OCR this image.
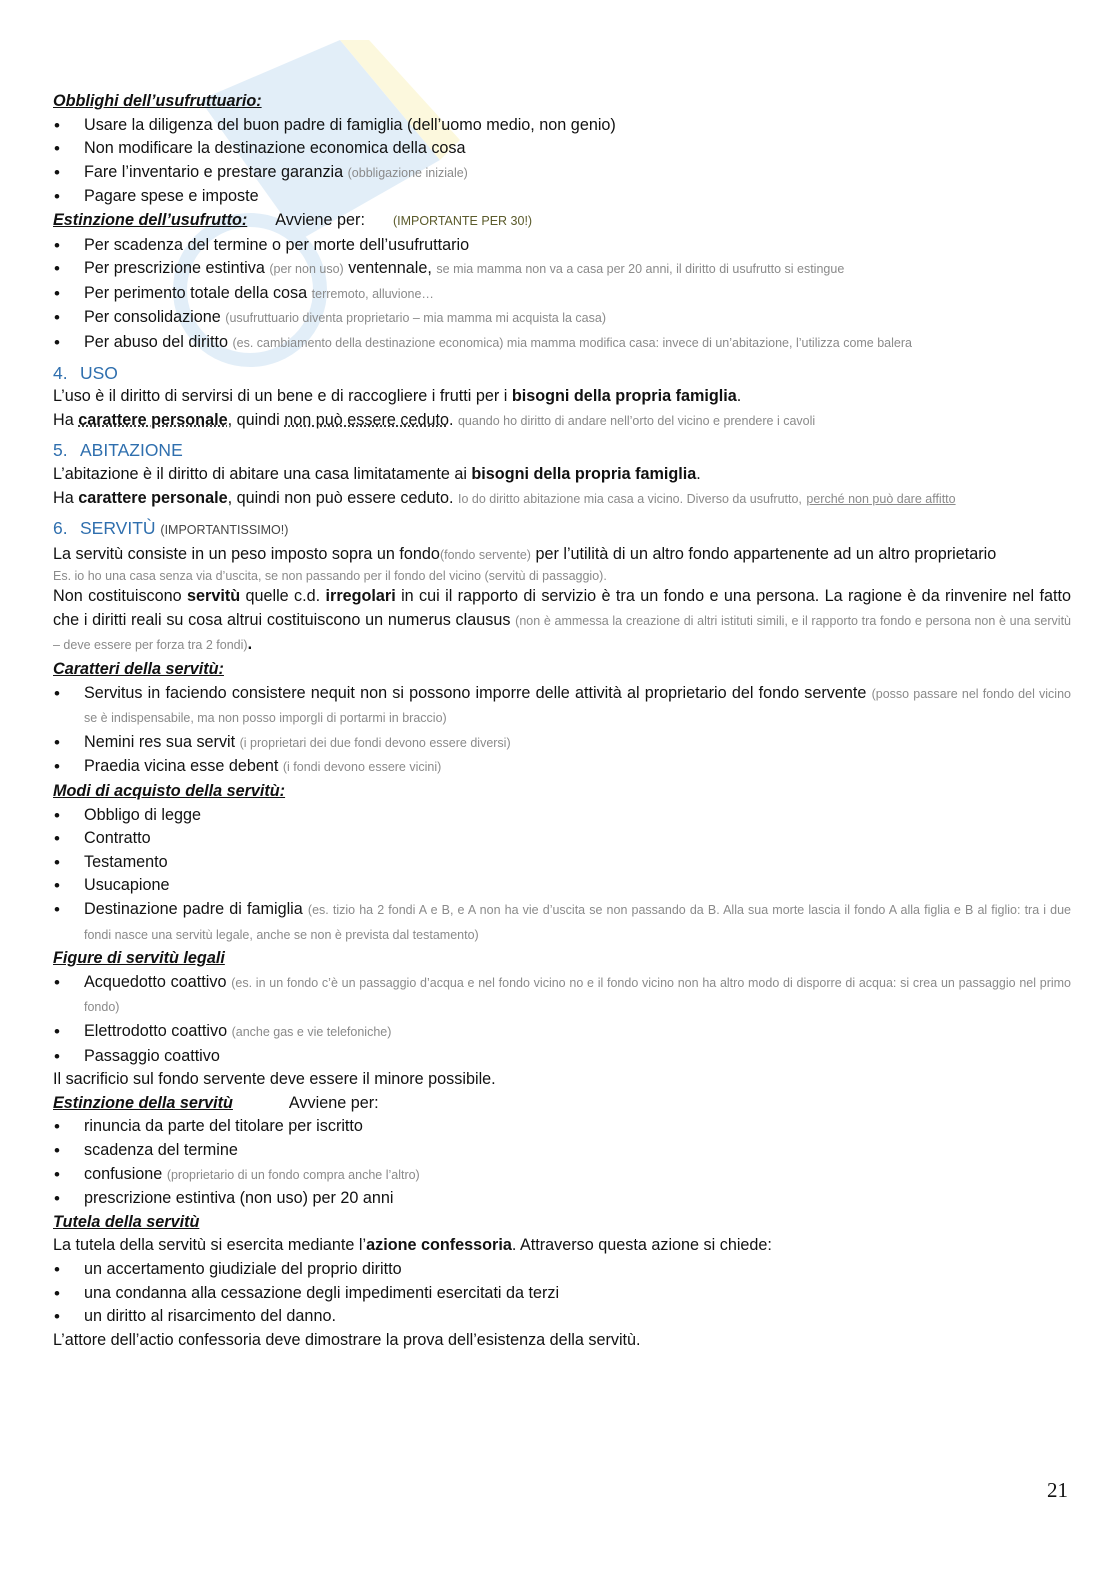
Obblighi dell’usufruttuario:
• Usare la diligenza del buon padre di famiglia (dell’uomo medio, non genio)
• Non modificare la destinazione economica della cosa
• Fare l’inventario e prestare garanzia (obbligazione iniziale)
• Pagare spese e imposte
Estinzione dell’usufrutto: Avviene per: (IMPORTANTE PER 30!)
• Per scadenza del termine o per morte dell’usufruttario
• Per prescrizione estintiva (per non uso) ventennale, se mia mamma non va a casa per 20 anni, il diritto di usufrutto si estingue
• Per perimento totale della cosa terremoto, alluvione…
• Per consolidazione (usufruttuario diventa proprietario – mia mamma mi acquista la casa)
• Per abuso del diritto (es. cambiamento della destinazione economica) mia mamma modifica casa: invece di un’abitazione, l’utilizza come balera
4. USO
L’uso è il diritto di servirsi di un bene e di raccogliere i frutti per i bisogni della propria famiglia.
Ha carattere personale, quindi non può essere ceduto. quando ho diritto di andare nell’orto del vicino e prendere i cavoli
5. ABITAZIONE
L’abitazione è il diritto di abitare una casa limitatamente ai bisogni della propria famiglia.
Ha carattere personale, quindi non può essere ceduto. Io do diritto abitazione mia casa a vicino. Diverso da usufrutto, perché non può dare affitto
6. SERVITÙ (IMPORTANTISSIMO!)
La servitù consiste in un peso imposto sopra un fondo(fondo servente) per l’utilità di un altro fondo appartenente ad un altro proprietario
Es. io ho una casa senza via d’uscita, se non passando per il fondo del vicino (servitù di passaggio).
Non costituiscono servitù quelle c.d. irregolari in cui il rapporto di servizio è tra un fondo e una persona. La ragione è da rinvenire nel fatto che i diritti reali su cosa altrui costituiscono un numerus clausus (non è ammessa la creazione di altri istituti simili, e il rapporto tra fondo e persona non è una servitù – deve essere per forza tra 2 fondi).
Caratteri della servitù:
• Servitus in faciendo consistere nequit non si possono imporre delle attività al proprietario del fondo servente (posso passare nel fondo del vicino se è indispensabile, ma non posso imporgli di portarmi in braccio)
• Nemini res sua servit (i proprietari dei due fondi devono essere diversi)
• Praedia vicina esse debent (i fondi devono essere vicini)
Modi di acquisto della servitù:
• Obbligo di legge
• Contratto
• Testamento
• Usucapione
• Destinazione padre di famiglia (es. tizio ha 2 fondi A e B, e A non ha vie d’uscita se non passando da B. Alla sua morte lascia il fondo A alla figlia e B al figlio: tra i due fondi nasce una servitù legale, anche se non è prevista dal testamento)
Figure di servitù legali
• Acquedotto coattivo (es. in un fondo c’è un passaggio d’acqua e nel fondo vicino no e il fondo vicino non ha altro modo di disporre di acqua: si crea un passaggio nel primo fondo)
• Elettrodotto coattivo (anche gas e vie telefoniche)
• Passaggio coattivo
Il sacrificio sul fondo servente deve essere il minore possibile.
Estinzione della servitù	Avviene per:
• rinuncia da parte del titolare per iscritto
• scadenza del termine
• confusione (proprietario di un fondo compra anche l’altro)
• prescrizione estintiva (non uso) per 20 anni
Tutela della servitù
La tutela della servitù si esercita mediante l’azione confessoria. Attraverso questa azione si chiede:
• un accertamento giudiziale del proprio diritto
• una condanna alla cessazione degli impedimenti esercitati da terzi
• un diritto al risarcimento del danno.
L’attore dell’actio confessoria deve dimostrare la prova dell’esistenza della servitù.
21
